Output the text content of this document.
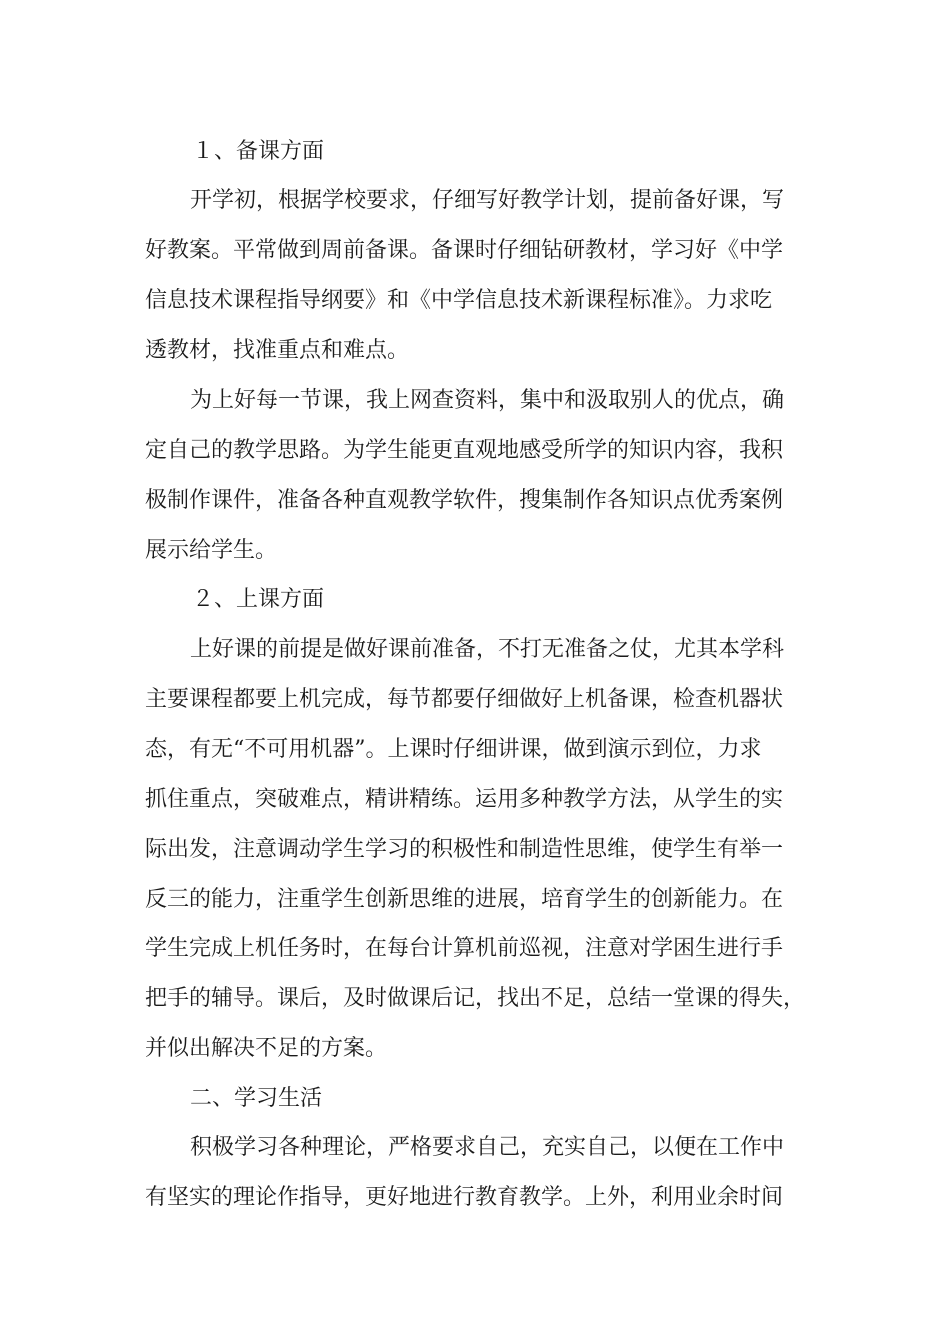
１、备课方面

开学初，根据学校要求，仔细写好教学计划，提前备好课，写

好教案。平常做到周前备课。备课时仔细钻研教材，学习好《中学

信息技术课程指导纲要》和《中学信息技术新课程标准》。力求吃

透教材，找准重点和难点。

为上好每一节课，我上网查资料，集中和汲取别人的优点，确

定自己的教学思路。为学生能更直观地感受所学的知识内容，我积

极制作课件，准备各种直观教学软件，搜集制作各知识点优秀案例

展示给学生。

２、上课方面

上好课的前提是做好课前准备，不打无准备之仗，尤其本学科

主要课程都要上机完成，每节都要仔细做好上机备课，检查机器状

态，有无“不可用机器”。上课时仔细讲课，做到演示到位，力求

抓住重点，突破难点，精讲精练。运用多种教学方法，从学生的实

际出发，注意调动学生学习的积极性和制造性思维，使学生有举一

反三的能力，注重学生创新思维的进展，培育学生的创新能力。在

学生完成上机任务时，在每台计算机前巡视，注意对学困生进行手

把手的辅导。课后，及时做课后记，找出不足，总结一堂课的得失，

并似出解决不足的方案。

二、学习生活

积极学习各种理论，严格要求自己，充实自己，以便在工作中

有坚实的理论作指导，更好地进行教育教学。上外，利用业余时间
